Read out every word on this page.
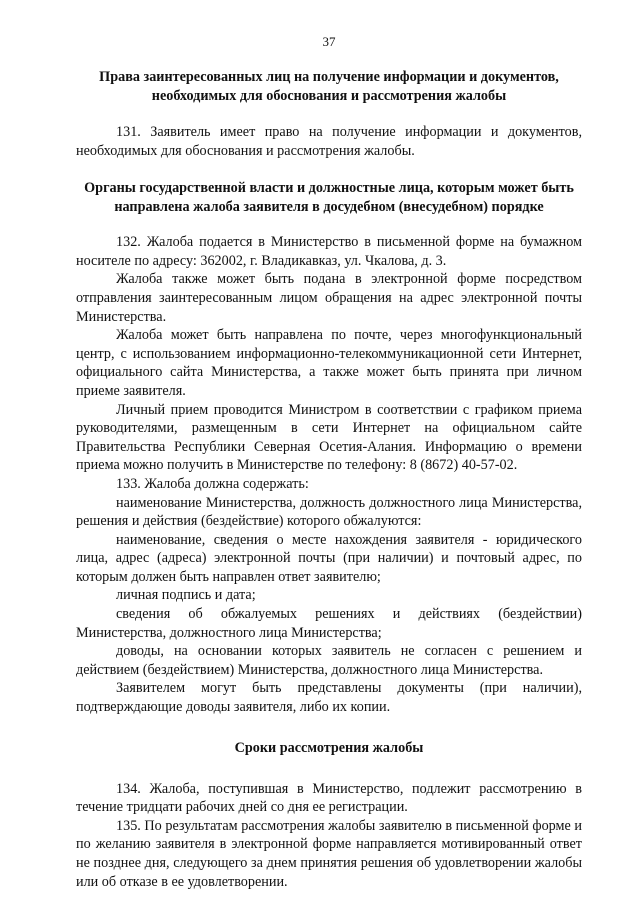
37
Права заинтересованных лиц на получение информации и документов, необходимых для обоснования и рассмотрения жалобы

131. Заявитель имеет право на получение информации и документов, необходимых для обоснования и рассмотрения жалобы.

Органы государственной власти и должностные лица, которым может быть направлена жалоба заявителя в досудебном (внесудебном) порядке

132. Жалоба подается в Министерство в письменной форме на бумажном носителе по адресу: 362002, г. Владикавказ, ул. Чкалова, д. 3.

Жалоба также может быть подана в электронной форме посредством отправления заинтересованным лицом обращения на адрес электронной почты Министерства.

Жалоба может быть направлена по почте, через многофункциональный центр, с использованием информационно-телекоммуникационной сети Интернет, официального сайта Министерства, а также может быть принята при личном приеме заявителя.

Личный прием проводится Министром в соответствии с графиком приема руководителями, размещенным в сети Интернет на официальном сайте Правительства Республики Северная Осетия-Алания. Информацию о времени приема можно получить в Министерстве по телефону: 8 (8672) 40-57-02.

133. Жалоба должна содержать:

наименование Министерства, должность должностного лица Министерства, решения и действия (бездействие) которого обжалуются:

наименование, сведения о месте нахождения заявителя - юридического лица, адрес (адреса) электронной почты (при наличии) и почтовый адрес, по которым должен быть направлен ответ заявителю;

личная подпись и дата;

сведения об обжалуемых решениях и действиях (бездействии) Министерства, должностного лица Министерства;

доводы, на основании которых заявитель не согласен с решением и действием (бездействием) Министерства, должностного лица Министерства.

Заявителем могут быть представлены документы (при наличии), подтверждающие доводы заявителя, либо их копии.

Сроки рассмотрения жалобы

134. Жалоба, поступившая в Министерство, подлежит рассмотрению в течение тридцати рабочих дней со дня ее регистрации.

135. По результатам рассмотрения жалобы заявителю в письменной форме и по желанию заявителя в электронной форме направляется мотивированный ответ не позднее дня, следующего за днем принятия решения об удовлетворении жалобы или об отказе в ее удовлетворении.
